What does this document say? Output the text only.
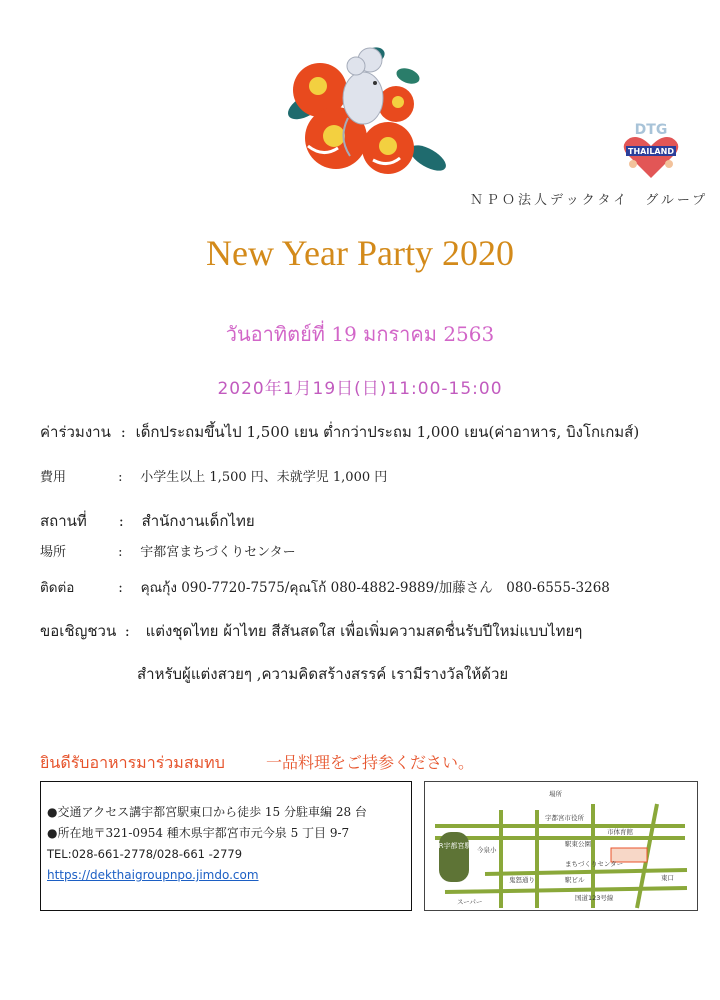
DTG
THAILAND
ＮＰＯ法人デックタイ　グループ
New Year Party 2020
วันอาทิตย์ที่ 19 มกราคม 2563
2020年1月19日(日)11:00-15:00
ค่าร่วมงาน : เด็กประถมขึ้นไป 1,500 เยน ต่ำกว่าประถม 1,000 เยน(ค่าอาหาร, บิงโกเกมส์)
費用	: 小学生以上 1,500 円、未就学児 1,000 円
สถานที่ : สำนักงานเด็กไทย
場所	: 宇都宮まちづくりセンター
ติดต่อ	: คุณกุ้ง 090-7720-7575/คุณโก้ 080-4882-9889/加藤さん　080-6555-3268
ขอเชิญชวน : แต่งชุดไทย ผ้าไทย สีสันสดใส เพื่อเพิ่มความสดชื่นรับปีใหม่แบบไทยๆ
สำหรับผู้แต่งสวยๆ ,ความคิดสร้างสรรค์ เรามีรางวัลให้ด้วย
ยินดีรับอาหารมาร่วมสมทบ	一品料理をご持参ください。
●交通アクセス講宇都宮駅東口から徒歩 15 分駐車編 28 台
●所在地〒321-0954 種木県宇都宮市元今泉 5 丁目 9-7
TEL:028-661-2778/028-661 -2779
https://dekthaigroupnpo.jimdo.com
JR宇都宮駅
場所
宇都宮市役所
市体育館
駅東公園
今泉小
まちづくりセンター
スーパー
鬼怒通り	駅ビル
国道123号線
東口
